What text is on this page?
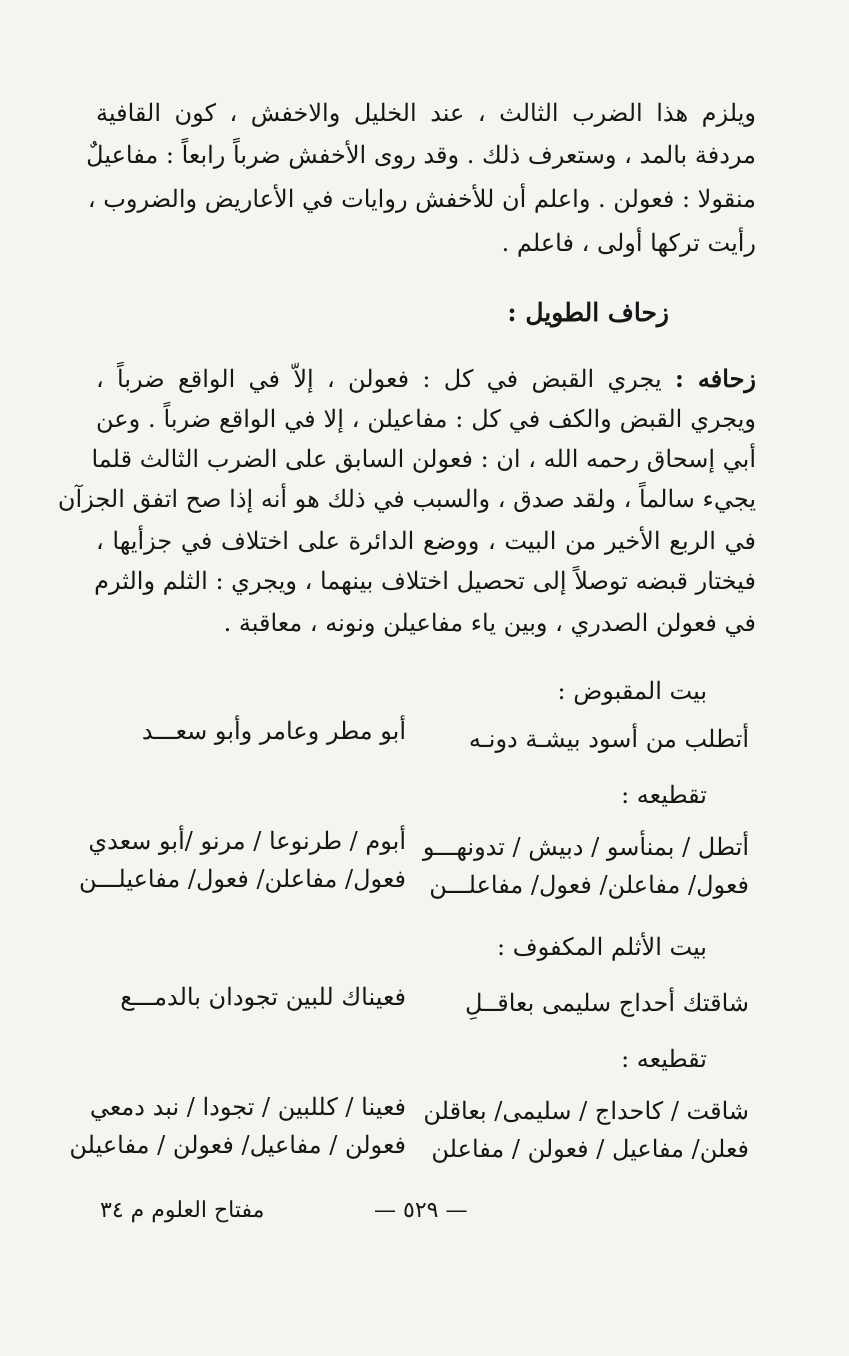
ويلزم هذا الضرب الثالث ، عند الخليل والاخفش ، كون القافية
مردفة بالمد ، وستعرف ذلك . وقد روى الأخفش ضرباً رابعاً : مفاعيلٌ
منقولا : فعولن . واعلم أن للأخفش روايات في الأعاريض والضروب ،
رأيت تركها أولى ، فاعلم .
زحاف الطويل :
زحافه : يجري القبض في كل : فعولن ، إلاّ في الواقع ضرباً ،
ويجري القبض والكف في كل : مفاعيلن ، إلا في الواقع ضرباً . وعن
أبي إسحاق رحمه الله ، ان : فعولن السابق على الضرب الثالث قلما
يجيء سالماً ، ولقد صدق ، والسبب في ذلك هو أنه إذا صح اتفق الجزآن
في الربع الأخير من البيت ، ووضع الدائرة على اختلاف في جزأيها ،
فيختار قبضه توصلاً إلى تحصيل اختلاف بينهما ، ويجري : الثلم والثرم
في فعولن الصدري ، وبين ياء مفاعيلن ونونه ، معاقبة .
بيت المقبوض :
أتطلب من أسود بيشـة دونـه
أبو مطر وعامر وأبو سعـــد
تقطيعه :
أتطل / بمنأسو / دبيش / تدونهـــو
أبوم / طرنوعا / مرنو /أبو سعدي
فعول/ مفاعلن/ فعول/ مفاعلـــن
فعول/ مفاعلن/ فعول/ مفاعيلـــن
بيت الأثلم المكفوف :
شاقتك أحداج سليمى بعاقــلِ
فعيناك للبين تجودان بالدمـــع
تقطيعه :
شاقت / كاحداج / سليمى/ بعاقلن
فعينا / كللبين / تجودا / نبد دمعي
فعلن/ مفاعيل / فعولن / مفاعلن
فعولن / مفاعيل/ فعولن / مفاعيلن
— ٥٢٩ —
مفتاح العلوم م ٣٤
